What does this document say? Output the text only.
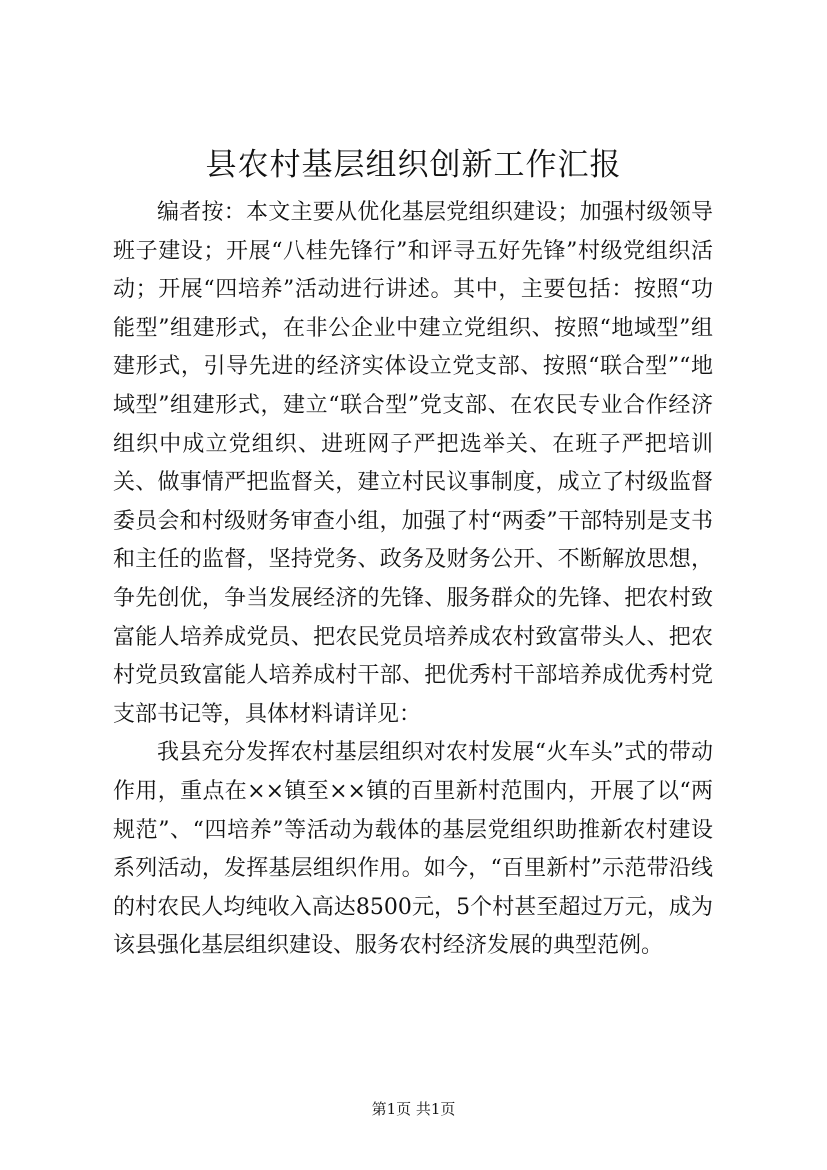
县农村基层组织创新工作汇报

编者按：本文主要从优化基层党组织建设；加强村级领导班子建设；开展“八桂先锋行”和评寻五好先锋”村级党组织活动；开展“四培养”活动进行讲述。其中，主要包括：按照“功能型”组建形式，在非公企业中建立党组织、按照“地域型”组建形式，引导先进的经济实体设立党支部、按照“联合型”“地域型”组建形式，建立“联合型”党支部、在农民专业合作经济组织中成立党组织、进班网子严把选举关、在班子严把培训关、做事情严把监督关，建立村民议事制度，成立了村级监督委员会和村级财务审查小组，加强了村“两委”干部特别是支书和主任的监督，坚持党务、政务及财务公开、不断解放思想，争先创优，争当发展经济的先锋、服务群众的先锋、把农村致富能人培养成党员、把农民党员培养成农村致富带头人、把农村党员致富能人培养成村干部、把优秀村干部培养成优秀村党支部书记等，具体材料请详见：

我县充分发挥农村基层组织对农村发展“火车头”式的带动作用，重点在××镇至××镇的百里新村范围内，开展了以“两规范”、“四培养”等活动为载体的基层党组织助推新农村建设系列活动，发挥基层组织作用。如今，“百里新村”示范带沿线的村农民人均纯收入高达8500元，5个村甚至超过万元，成为该县强化基层组织建设、服务农村经济发展的典型范例。

第1页 共1页
